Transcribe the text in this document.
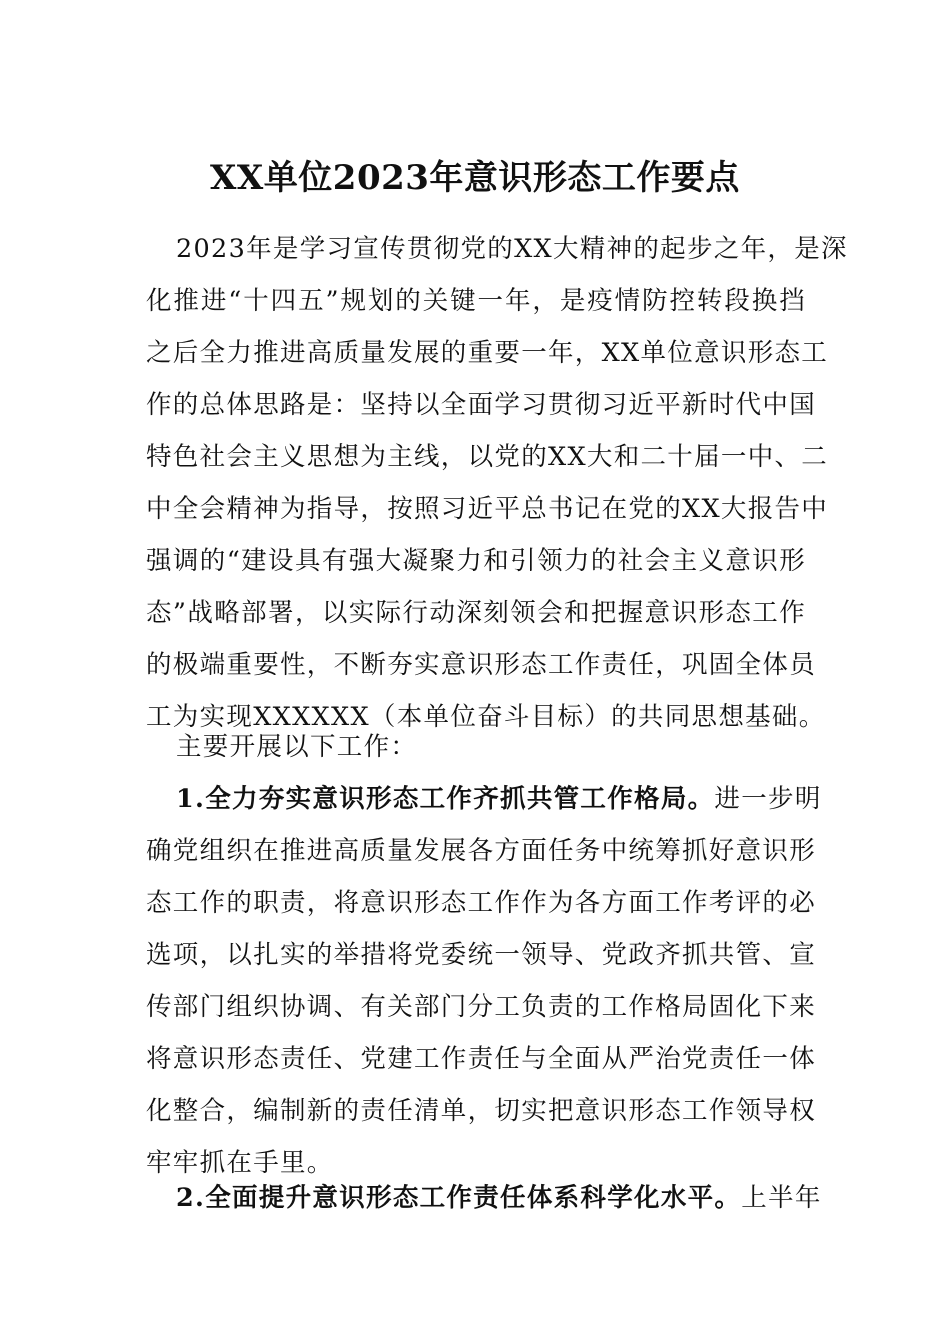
XX单位2023年意识形态工作要点
2023年是学习宣传贯彻党的XX大精神的起步之年，是深
化推进“十四五”规划的关键一年，是疫情防控转段换挡
之后全力推进高质量发展的重要一年，XX单位意识形态工
作的总体思路是：坚持以全面学习贯彻习近平新时代中国
特色社会主义思想为主线，以党的XX大和二十届一中、二
中全会精神为指导，按照习近平总书记在党的XX大报告中
强调的“建设具有强大凝聚力和引领力的社会主义意识形
态”战略部署，以实际行动深刻领会和把握意识形态工作
的极端重要性，不断夯实意识形态工作责任，巩固全体员
工为实现XXXXXX（本单位奋斗目标）的共同思想基础。
主要开展以下工作：
1.全力夯实意识形态工作齐抓共管工作格局。进一步明
确党组织在推进高质量发展各方面任务中统筹抓好意识形
态工作的职责，将意识形态工作作为各方面工作考评的必
选项，以扎实的举措将党委统一领导、党政齐抓共管、宣
传部门组织协调、有关部门分工负责的工作格局固化下来
将意识形态责任、党建工作责任与全面从严治党责任一体
化整合，编制新的责任清单，切实把意识形态工作领导权
牢牢抓在手里。
2.全面提升意识形态工作责任体系科学化水平。上半年
